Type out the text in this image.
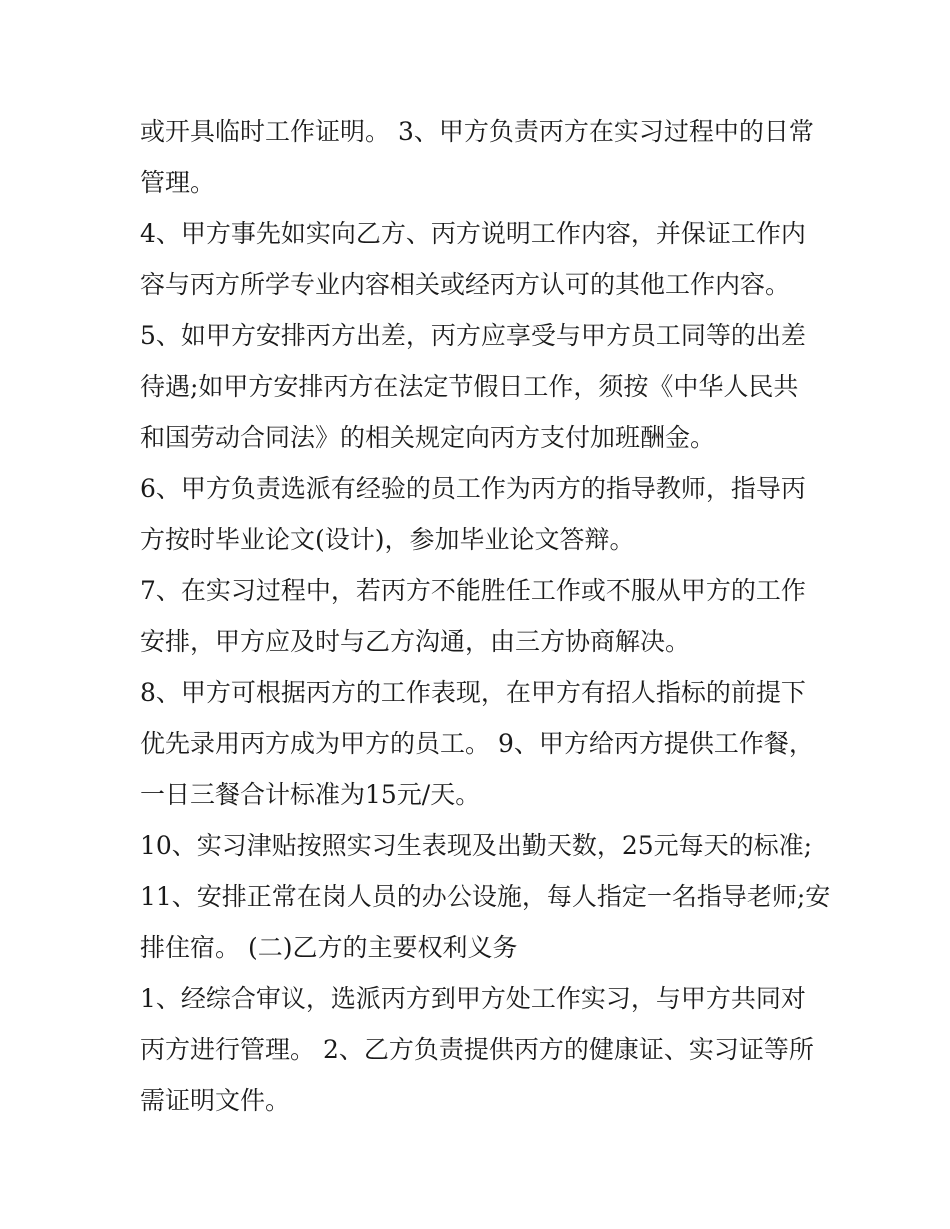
或开具临时工作证明。 3、甲方负责丙方在实习过程中的日常
管理。
4、甲方事先如实向乙方、丙方说明工作内容，并保证工作内
容与丙方所学专业内容相关或经丙方认可的其他工作内容。
5、如甲方安排丙方出差，丙方应享受与甲方员工同等的出差
待遇;如甲方安排丙方在法定节假日工作，须按《中华人民共
和国劳动合同法》的相关规定向丙方支付加班酬金。
6、甲方负责选派有经验的员工作为丙方的指导教师，指导丙
方按时毕业论文(设计)，参加毕业论文答辩。
7、在实习过程中，若丙方不能胜任工作或不服从甲方的工作
安排，甲方应及时与乙方沟通，由三方协商解决。
8、甲方可根据丙方的工作表现，在甲方有招人指标的前提下
优先录用丙方成为甲方的员工。 9、甲方给丙方提供工作餐，
一日三餐合计标准为15元/天。
10、实习津贴按照实习生表现及出勤天数，25元每天的标准;
11、安排正常在岗人员的办公设施，每人指定一名指导老师;安
排住宿。 (二)乙方的主要权利义务
1、经综合审议，选派丙方到甲方处工作实习，与甲方共同对
丙方进行管理。 2、乙方负责提供丙方的健康证、实习证等所
需证明文件。
